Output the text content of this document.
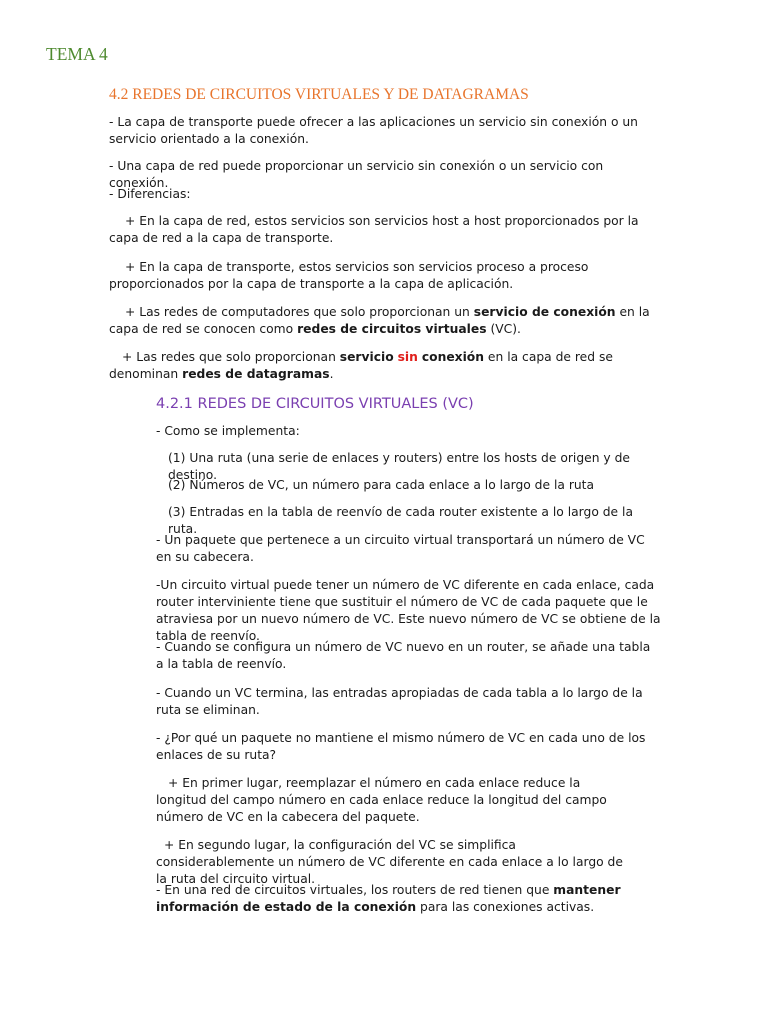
TEMA 4
4.2 REDES DE CIRCUITOS VIRTUALES Y DE DATAGRAMAS

- La capa de transporte puede ofrecer a las aplicaciones un servicio sin conexión o un servicio orientado a la conexión.

- Una capa de red puede proporcionar un servicio sin conexión o un servicio con conexión.

- Diferencias:

+ En la capa de red, estos servicios son servicios host a host proporcionados por la capa de red a la capa de transporte.

+ En la capa de transporte, estos servicios son servicios proceso a proceso proporcionados por la capa de transporte a la capa de aplicación.

+ Las redes de computadores que solo proporcionan un servicio de conexión en la capa de red se conocen como redes de circuitos virtuales (VC).

+ Las redes que solo proporcionan servicio sin conexión en la capa de red se denominan redes de datagramas.

4.2.1 REDES DE CIRCUITOS VIRTUALES (VC)

- Como se implementa:

(1) Una ruta (una serie de enlaces y routers) entre los hosts de origen y de destino.

(2) Números de VC, un número para cada enlace a lo largo de la ruta

(3) Entradas en la tabla de reenvío de cada router existente a lo largo de la ruta.

- Un paquete que pertenece a un circuito virtual transportará un número de VC en su cabecera.

-Un circuito virtual puede tener un número de VC diferente en cada enlace, cada router interviniente tiene que sustituir el número de VC de cada paquete que le atraviesa por un nuevo número de VC. Este nuevo número de VC se obtiene de la tabla de reenvío.

- Cuando se configura un número de VC nuevo en un router, se añade una tabla a la tabla de reenvío.

- Cuando un VC termina, las entradas apropiadas de cada tabla a lo largo de la ruta se eliminan.

- ¿Por qué un paquete no mantiene el mismo número de VC en cada uno de los enlaces de su ruta?

+ En primer lugar, reemplazar el número en cada enlace reduce la longitud del campo número en cada enlace reduce la longitud del campo número de VC en la cabecera del paquete.

+ En segundo lugar, la configuración del VC se simplifica considerablemente un número de VC diferente en cada enlace a lo largo de la ruta del circuito virtual.

- En una red de circuitos virtuales, los routers de red tienen que mantener información de estado de la conexión para las conexiones activas.
